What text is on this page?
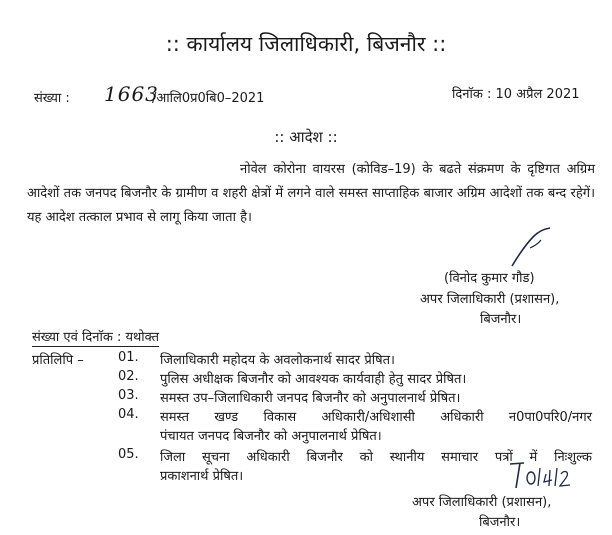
:: कार्यालय जिलाधिकारी, बिजनौर ::
संख्या : 1663
/आलि0प्र0बि0–2021	दिनाॅक : 10 अप्रैल 2021
:: आदेश ::

नोवेल कोरोना वायरस (कोविड–19) के बढते संक्रमण के दृष्टिगत अग्रिम आदेशों तक जनपद बिजनौर के ग्रामीण व शहरी क्षेत्रों में लगने वाले समस्त साप्ताहिक बाजार अग्रिम आदेशों तक बन्द रहेगें। यह आदेश तत्काल प्रभाव से लागू किया जाता है।

(विनोद कुमार गौड)
अपर जिलाधिकारी (प्रशासन),
बिजनौर।
संख्या एवं दिनाॅक : यथोक्त
प्रतिलिपि –	01. जिलाधिकारी महोदय के अवलोकनार्थ सादर प्रेषित।
02. पुलिस अधीक्षक बिजनौर को आवश्यक कार्यवाही हेतु सादर प्रेषित।
03. समस्त उप–जिलाधिकारी जनपद बिजनौर को अनुपालनार्थ प्रेषित।
04. समस्त खण्ड विकास अधिकारी/अधिशासी अधिकारी न0पा0परि0/नगर
पंचायत जनपद बिजनौर को अनुपालनार्थ प्रेषित।
05. जिला सूचना अधिकारी बिजनौर को स्थानीय समाचार पत्रों में निःशुल्क
प्रकाशनार्थ प्रेषित।
अपर जिलाधिकारी (प्रशासन),
बिजनौर।
